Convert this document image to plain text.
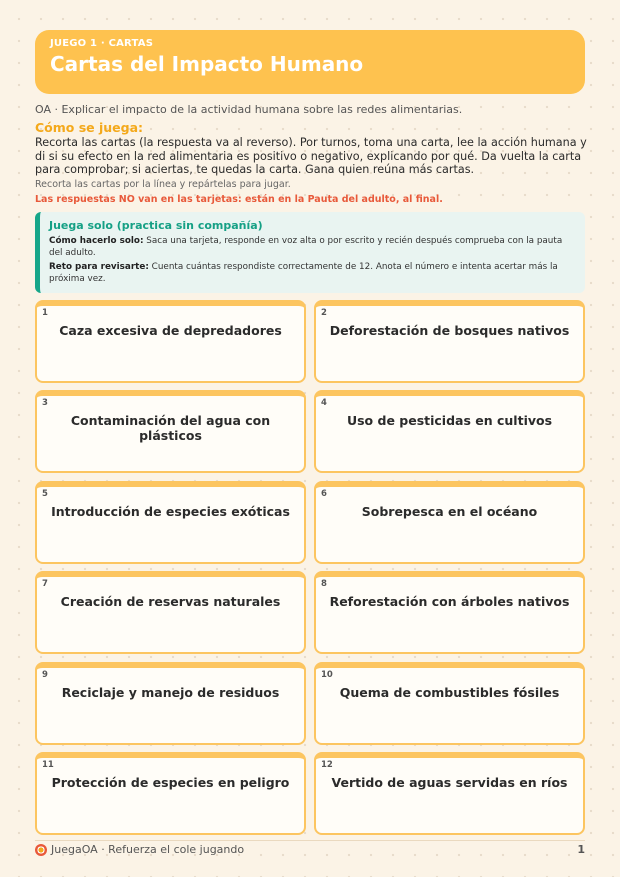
JUEGO 1 · CARTAS
Cartas del Impacto Humano
OA · Explicar el impacto de la actividad humana sobre las redes alimentarias.
Cómo se juega:
Recorta las cartas (la respuesta va al reverso). Por turnos, toma una carta, lee la acción humana y di si su efecto en la red alimentaria es positivo o negativo, explicando por qué. Da vuelta la carta para comprobar; si aciertas, te quedas la carta. Gana quien reúna más cartas.
Recorta las cartas por la línea y repártelas para jugar.
Las respuestas NO van en las tarjetas: están en la Pauta del adulto, al final.
Juega solo (practica sin compañía)

Cómo hacerlo solo: Saca una tarjeta, responde en voz alta o por escrito y recién después comprueba con la pauta del adulto.

Reto para revisarte: Cuenta cuántas respondiste correctamente de 12. Anota el número e intenta acertar más la próxima vez.

1
Caza excesiva de depredadores
2
Deforestación de bosques nativos
3
Contaminación del agua con plásticos
4
Uso de pesticidas en cultivos
5
Introducción de especies exóticas
6
Sobrepesca en el océano
7
Creación de reservas naturales
8
Reforestación con árboles nativos
9
Reciclaje y manejo de residuos
10
Quema de combustibles fósiles
11
Protección de especies en peligro
12
Vertido de aguas servidas en ríos
JuegaOA · Refuerza el cole jugando	1
